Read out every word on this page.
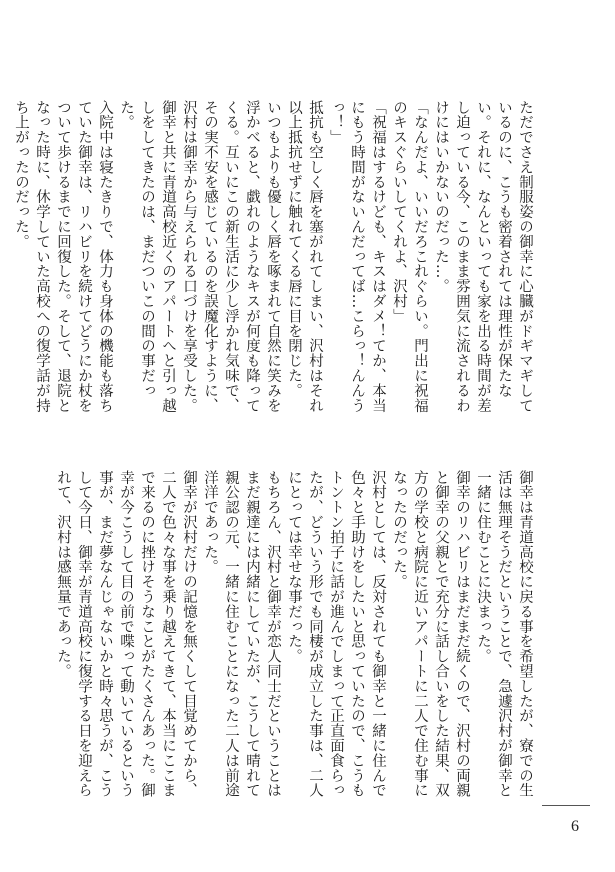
ただでさえ制服姿の御幸に心臓がドギマギしているのに、こうも密着されては理性が保たない。それに、なんといっても家を出る時間が差し迫っている今、このまま雰囲気に流されるわけにはいかないのだった…。

「なんだよ、いいだろこれぐらい。門出に祝福のキスぐらいしてくれよ、沢村」

「祝福はするけども、キスはダメ！てか、本当にもう時間がないんだってば…こらっ！んんうっ！」

抵抗も空しく唇を塞がれてしまい、沢村はそれ以上抵抗せずに触れてくる唇に目を閉じた。

いつもよりも優しく唇を啄まれて自然に笑みを浮かべると、戯れのようなキスが何度も降ってくる。互いにこの新生活に少し浮かれ気味で、その実不安を感じているのを誤魔化すように、沢村は御幸から与えられる口づけを享受した。

御幸と共に青道高校近くのアパートへと引っ越しをしてきたのは、まだついこの間の事だった。

入院中は寝たきりで、体力も身体の機能も落ちていた御幸は、リハビリを続けてどうにか杖をついて歩けるまでに回復した。そして、退院となった時に、休学していた高校への復学話が持ち上がったのだった。

御幸は青道高校に戻る事を希望したが、寮での生活は無理そうだということで、急遽沢村が御幸と一緒に住むことに決まった。

御幸のリハビリはまだまだ続くので、沢村の両親と御幸の父親とで充分に話し合いをした結果、双方の学校と病院に近いアパートに二人で住む事になったのだった。

沢村としては、反対されても御幸と一緒に住んで色々と手助けをしたいと思っていたので、こうもトントン拍子に話が進んでしまって正直面食らったが、どういう形でも同棲が成立した事は、二人にとっては幸せな事だった。

もちろん、沢村と御幸が恋人同士だということはまだ親達には内緒にしていたが、こうして晴れて親公認の元、一緒に住むことになった二人は前途洋洋であった。

御幸が沢村だけの記憶を無くして目覚めてから、二人で色々な事を乗り越えてきて、本当にここまで来るのに挫けそうなことがたくさんあった。御幸が今こうして目の前で喋って動いているという事が、まだ夢なんじゃないかと時々思うが、こうして今日、御幸が青道高校に復学する日を迎えられて、沢村は感無量であった。

6
